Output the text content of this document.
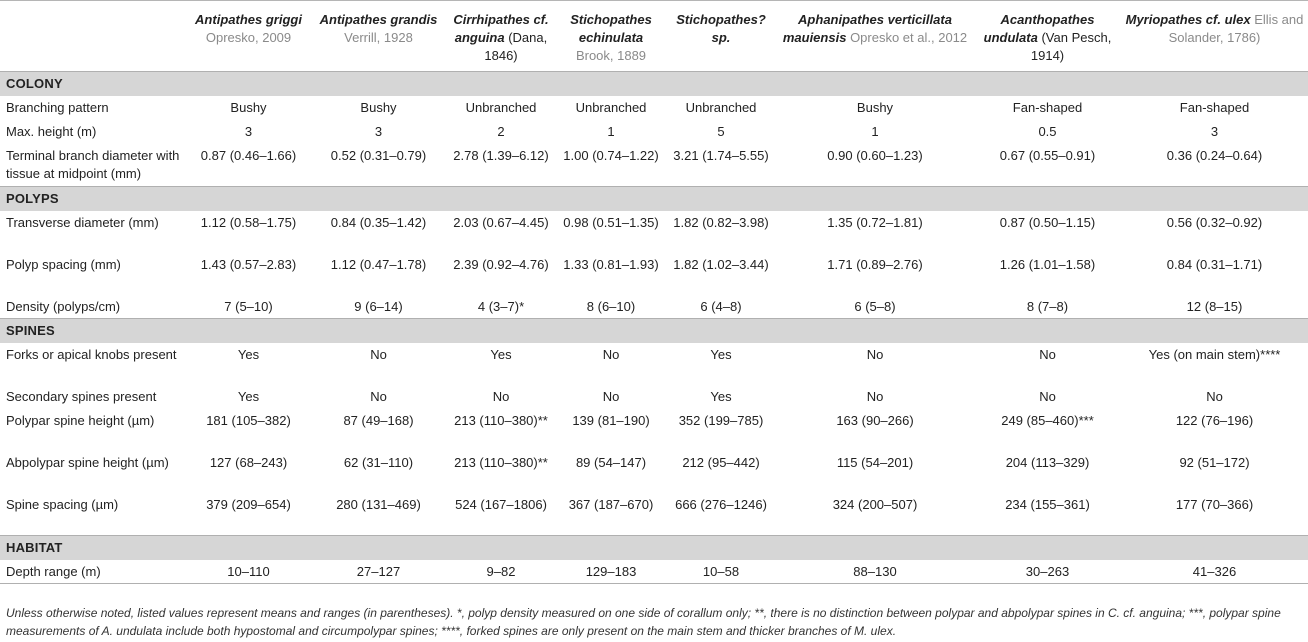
	Antipathes griggi Opresko, 2009	Antipathes grandis Verrill, 1928	Cirrhipathes cf. anguina (Dana, 1846)	Stichopathes echinulata Brook, 1889	Stichopathes? sp.	Aphanipathes verticillata mauiensis Opresko et al., 2012	Acanthopathes undulata (Van Pesch, 1914)	Myriopathes cf. ulex Ellis and Solander, 1786)
COLONY								
Branching pattern	Bushy	Bushy	Unbranched	Unbranched	Unbranched	Bushy	Fan-shaped	Fan-shaped
Max. height (m)	3	3	2	1	5	1	0.5	3
Terminal branch diameter with tissue at midpoint (mm)	0.87 (0.46–1.66)	0.52 (0.31–0.79)	2.78 (1.39–6.12)	1.00 (0.74–1.22)	3.21 (1.74–5.55)	0.90 (0.60–1.23)	0.67 (0.55–0.91)	0.36 (0.24–0.64)
POLYPS								
Transverse diameter (mm)	1.12 (0.58–1.75)	0.84 (0.35–1.42)	2.03 (0.67–4.45)	0.98 (0.51–1.35)	1.82 (0.82–3.98)	1.35 (0.72–1.81)	0.87 (0.50–1.15)	0.56 (0.32–0.92)
Polyp spacing (mm)	1.43 (0.57–2.83)	1.12 (0.47–1.78)	2.39 (0.92–4.76)	1.33 (0.81–1.93)	1.82 (1.02–3.44)	1.71 (0.89–2.76)	1.26 (1.01–1.58)	0.84 (0.31–1.71)
Density (polyps/cm)	7 (5–10)	9 (6–14)	4 (3–7)*	8 (6–10)	6 (4–8)	6 (5–8)	8 (7–8)	12 (8–15)
SPINES								
Forks or apical knobs present	Yes	No	Yes	No	Yes	No	No	Yes (on main stem)****
Secondary spines present	Yes	No	No	No	Yes	No	No	No
Polypar spine height (µm)	181 (105–382)	87 (49–168)	213 (110–380)**	139 (81–190)	352 (199–785)	163 (90–266)	249 (85–460)***	122 (76–196)
Abpolypar spine height (µm)	127 (68–243)	62 (31–110)	213 (110–380)**	89 (54–147)	212 (95–442)	115 (54–201)	204 (113–329)	92 (51–172)
Spine spacing (µm)	379 (209–654)	280 (131–469)	524 (167–1806)	367 (187–670)	666 (276–1246)	324 (200–507)	234 (155–361)	177 (70–366)
HABITAT								
Depth range (m)	10–110	27–127	9–82	129–183	10–58	88–130	30–263	41–326
Unless otherwise noted, listed values represent means and ranges (in parentheses). *, polyp density measured on one side of corallum only; **, there is no distinction between polypar and abpolypar spines in C. cf. anguina; ***, polypar spine measurements of A. undulata include both hypostomal and circumpolypar spines; ****, forked spines are only present on the main stem and thicker branches of M. ulex.
